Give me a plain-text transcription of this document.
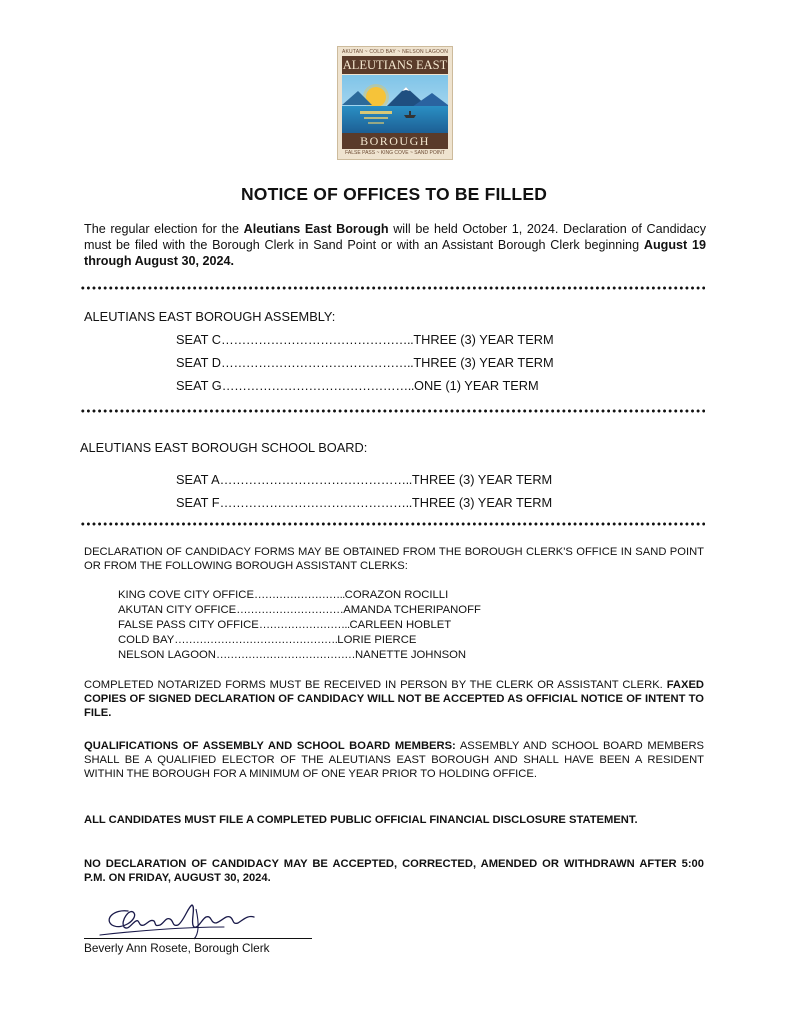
AKUTAN ~ COLD BAY ~ NELSON LAGOON
ALEUTIANS EAST
BOROUGH
FALSE PASS ~ KING COVE ~ SAND POINT
NOTICE OF OFFICES TO BE FILLED
The regular election for the Aleutians East Borough will be held October 1, 2024. Declaration of Candidacy must be filed with the Borough Clerk in Sand Point or with an Assistant Borough Clerk beginning August 19 through August 30, 2024.
ALEUTIANS EAST BOROUGH ASSEMBLY:
SEAT C………………………………………..THREE (3) YEAR TERM
SEAT D………………………………………..THREE (3) YEAR TERM
SEAT G………………………………………..ONE (1) YEAR TERM
ALEUTIANS EAST BOROUGH SCHOOL BOARD:
SEAT A………………………………………..THREE (3) YEAR TERM
SEAT F………………………………………..THREE (3) YEAR TERM
DECLARATION OF CANDIDACY FORMS MAY BE OBTAINED FROM THE BOROUGH CLERK'S OFFICE IN SAND POINT OR FROM THE FOLLOWING BOROUGH ASSISTANT CLERKS:
KING COVE CITY OFFICE……………………..CORAZON ROCILLI
AKUTAN CITY OFFICE…………………………AMANDA TCHERIPANOFF
FALSE PASS CITY OFFICE……………………..CARLEEN HOBLET
COLD BAY……………………………………….LORIE PIERCE
NELSON LAGOON…………………………………NANETTE JOHNSON
COMPLETED NOTARIZED FORMS MUST BE RECEIVED IN PERSON BY THE CLERK OR ASSISTANT CLERK. FAXED COPIES OF SIGNED DECLARATION OF CANDIDACY WILL NOT BE ACCEPTED AS OFFICIAL NOTICE OF INTENT TO FILE.
QUALIFICATIONS OF ASSEMBLY AND SCHOOL BOARD MEMBERS: ASSEMBLY AND SCHOOL BOARD MEMBERS SHALL BE A QUALIFIED ELECTOR OF THE ALEUTIANS EAST BOROUGH AND SHALL HAVE BEEN A RESIDENT WITHIN THE BOROUGH FOR A MINIMUM OF ONE YEAR PRIOR TO HOLDING OFFICE.
ALL CANDIDATES MUST FILE A COMPLETED PUBLIC OFFICIAL FINANCIAL DISCLOSURE STATEMENT.
NO DECLARATION OF CANDIDACY MAY BE ACCEPTED, CORRECTED, AMENDED OR WITHDRAWN AFTER 5:00 P.M. ON FRIDAY, AUGUST 30, 2024.
Beverly Ann Rosete, Borough Clerk
